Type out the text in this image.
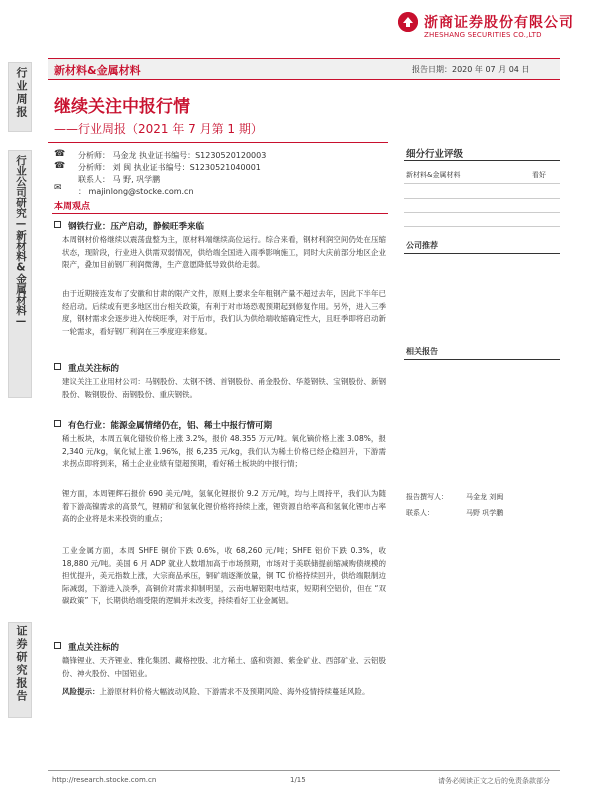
浙商证券股份有限公司
ZHESHANG SECURITIES CO.,LTD
新材料&金属材料	报告日期：2020 年 07 月 04 日
行业周报
行业公司研究—新材料&金属材料—
证券研究报告
继续关注中报行情
——行业周报（2021 年 7 月第 1 期）
☎
☎
✉
分析师： 马金龙 执业证书编号：S1230520120003
分析师： 刘 闽 执业证书编号：S1230521040001
联系人： 马 野, 巩学鹏
： majinlong@stocke.com.cn
本周观点
钢铁行业：压产启动，静候旺季来临
本周钢材价格继续以震荡盘整为主，原材料端继续高位运行。综合来看，钢材利润空间仍处在压缩状态，现阶段，行业进入供需双弱情况，供给端全国进入雨季影响施工，同时大庆前部分地区企业限产，叠加目前钢厂利润微薄，生产意愿降低导致供给走弱。
由于近期接连发布了安徽和甘肃的限产文件，原则上要求全年粗钢产量不超过去年，因此下半年已经启动。后续或有更多地区出台相关政策，有利于对市场恐观预期起到修复作用。另外，进入三季度，钢材需求会逐步进入传统旺季，对于后市，我们认为供给端收缩确定性大，且旺季即将启动新一轮需求，看好钢厂利润在三季度迎来修复。
重点关注标的
建议关注工业用材公司：马钢股份、太钢不锈、首钢股份、甬金股份、华菱钢铁、宝钢股份、新钢股份、鞍钢股份、南钢股份、重庆钢铁。
有色行业：能源金属情绪仍在，铝、稀土中报行情可期
稀土板块，本周五氧化镨钕价格上涨 3.2%，报价 48.355 万元/吨。氧化镝价格上涨 3.08%，报 2,340 元/kg，氧化铽上涨 1.96%，报 6,235 元/kg，我们认为稀土价格已经企稳回升，下游需求拐点即将到来，稀土企业业绩有望超预期，看好稀土板块的中报行情；
锂方面，本周锂辉石报价 690 美元/吨，氢氧化锂报价 9.2 万元/吨，均与上周持平，我们认为随着下游高镍需求的高景气，锂精矿和氢氧化锂价格将持续上涨，锂资源自给率高和氢氧化锂市占率高的企业将是未来投资的重点；
工业金属方面，本周 SHFE 铜价下跌 0.6%，收 68,260 元/吨；SHFE 铝价下跌 0.3%，收 18,880 元/吨。美国 6 月 ADP 就业人数增加高于市场预期，市场对于美联储提前缩减购债规模的担忧提升，美元指数上涨，大宗商品承压，铜矿端逐渐放量，铜 TC 价格持续回升，供给端限制边际减弱，下游进入淡季，高铜价对需求抑制明显，云南电解铝限电结束，短期利空铝价，但在 “双碳政策” 下，长期供给端受限的逻辑并未改变，持续看好工业金属铝。
重点关注标的
赣锋锂业、天齐锂业、雅化集团、藏格控股、北方稀土、盛和资源、紫金矿业、西部矿业、云铝股份、神火股份、中国铝业。
风险提示：上游原材料价格大幅波动风险、下游需求不及预期风险、海外疫情持续蔓延风险。
细分行业评级
新材料&金属材料	看好
公司推荐
相关报告
报告撰写人：	马金龙 刘闽
联系人：	马野 巩学鹏
http://research.stocke.com.cn	1/15	请务必阅读正文之后的免责条款部分
